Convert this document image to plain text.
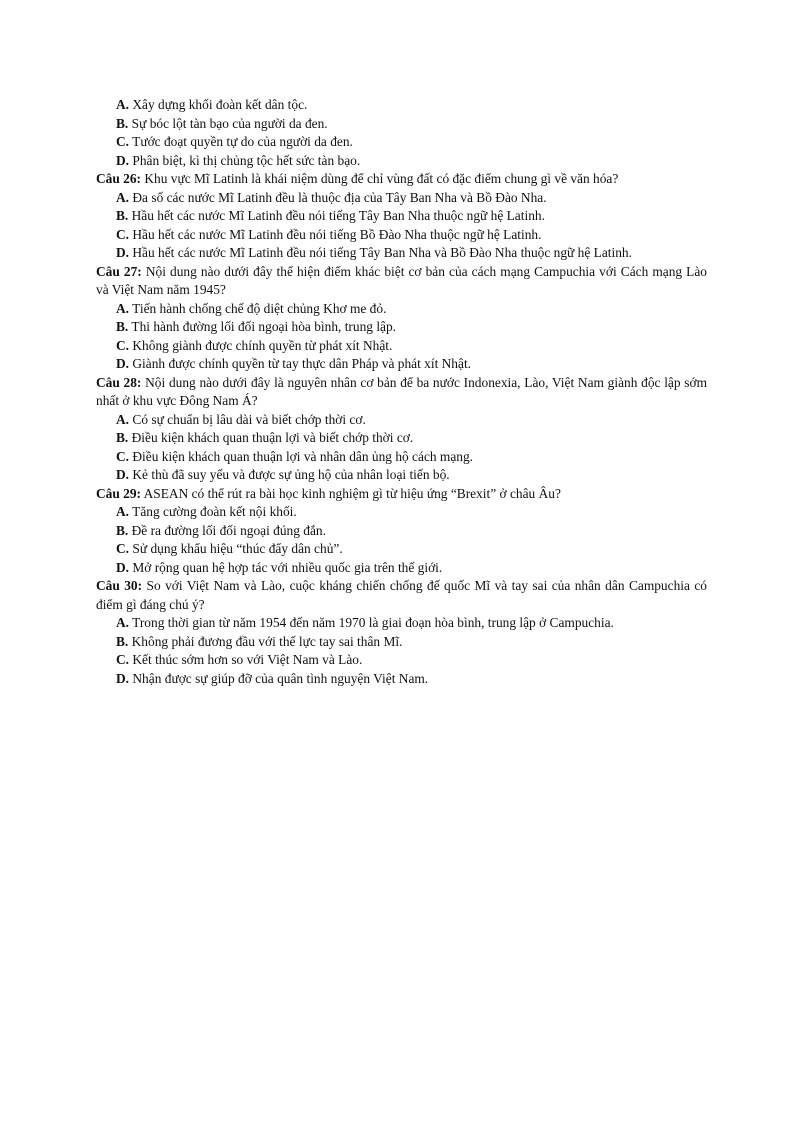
A. Xây dựng khối đoàn kết dân tộc.
B. Sự bóc lột tàn bạo của người da đen.
C. Tước đoạt quyền tự do của người da đen.
D. Phân biệt, kì thị chủng tộc hết sức tàn bạo.
Câu 26: Khu vực Mĩ Latinh là khái niệm dùng để chỉ vùng đất có đặc điểm chung gì về văn hóa?
A. Đa số các nước Mĩ Latinh đều là thuộc địa của Tây Ban Nha và Bồ Đào Nha.
B. Hầu hết các nước Mĩ Latinh đều nói tiếng Tây Ban Nha thuộc ngữ hệ Latinh.
C. Hầu hết các nước Mĩ Latinh đều nói tiếng Bồ Đào Nha thuộc ngữ hệ Latinh.
D. Hầu hết các nước Mĩ Latinh đều nói tiếng Tây Ban Nha và Bồ Đào Nha thuộc ngữ hệ Latinh.
Câu 27: Nội dung nào dưới đây thể hiện điểm khác biệt cơ bản của cách mạng Campuchia với Cách mạng Lào và Việt Nam năm 1945?
A. Tiến hành chống chế độ diệt chủng Khơ me đỏ.
B. Thi hành đường lối đối ngoại hòa bình, trung lập.
C. Không giành được chính quyền từ phát xít Nhật.
D. Giành được chính quyền từ tay thực dân Pháp và phát xít Nhật.
Câu 28: Nội dung nào dưới đây là nguyên nhân cơ bản để ba nước Indonexia, Lào, Việt Nam giành độc lập sớm nhất ở khu vực Đông Nam Á?
A. Có sự chuẩn bị lâu dài và biết chớp thời cơ.
B. Điều kiện khách quan thuận lợi và biết chớp thời cơ.
C. Điều kiện khách quan thuận lợi và nhân dân ủng hộ cách mạng.
D. Kẻ thù đã suy yếu và được sự ủng hộ của nhân loại tiến bộ.
Câu 29: ASEAN có thể rút ra bài học kinh nghiệm gì từ hiệu ứng “Brexit” ở châu Âu?
A. Tăng cường đoàn kết nội khối.
B. Đề ra đường lối đối ngoại đúng đắn.
C. Sử dụng khẩu hiệu “thúc đẩy dân chủ”.
D. Mở rộng quan hệ hợp tác với nhiều quốc gia trên thế giới.
Câu 30: So với Việt Nam và Lào, cuộc kháng chiến chống đế quốc Mĩ và tay sai của nhân dân Campuchia có điểm gì đáng chú ý?
A. Trong thời gian từ năm 1954 đến năm 1970 là giai đoạn hòa bình, trung lập ở Campuchia.
B. Không phải đương đầu với thế lực tay sai thân Mĩ.
C. Kết thúc sớm hơn so với Việt Nam và Lào.
D. Nhận được sự giúp đỡ của quân tình nguyện Việt Nam.
